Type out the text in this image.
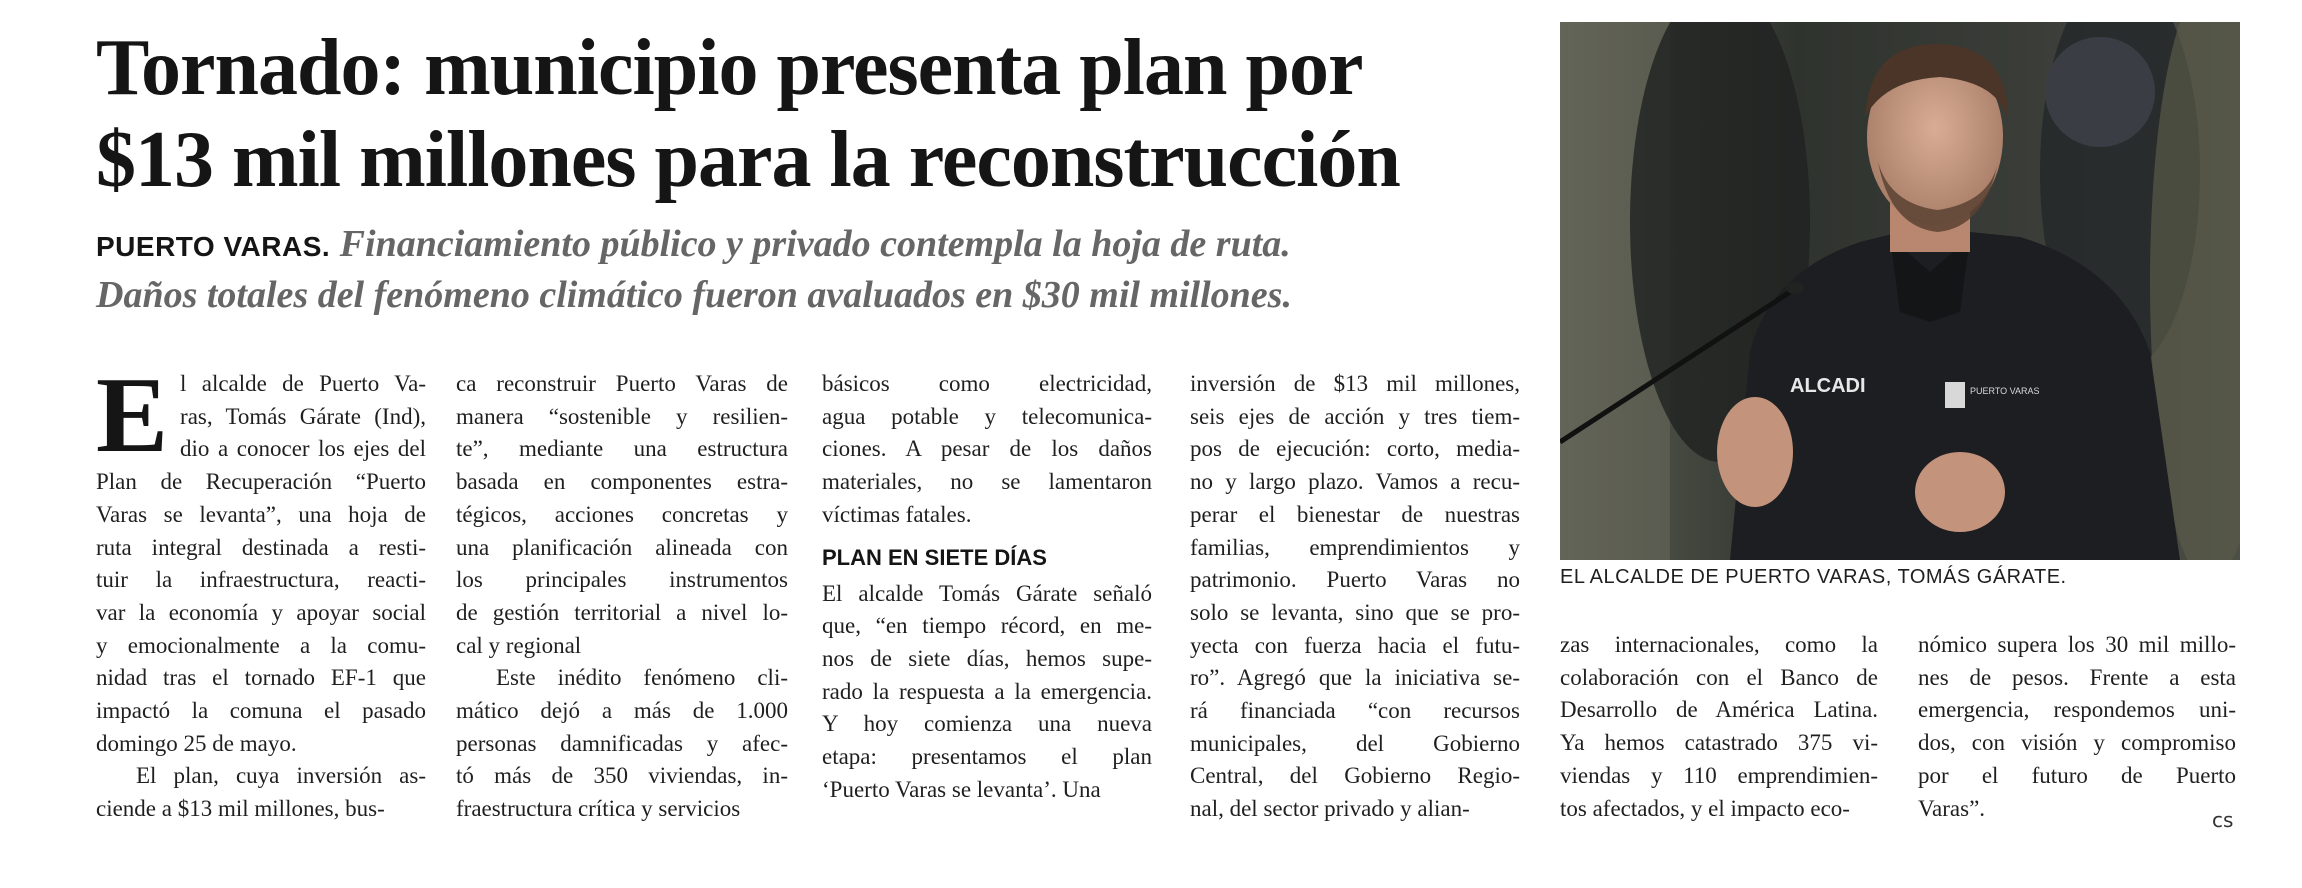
Tornado: municipio presenta plan por
$13 mil millones para la reconstrucción
PUERTO VARAS. Financiamiento público y privado contempla la hoja de ruta.
Daños totales del fenómeno climático fueron avaluados en $30 mil millones.
E l alcalde de Puerto Va-
ras, Tomás Gárate (Ind),
dio a conocer los ejes del
Plan de Recuperación “Puerto
Varas se levanta”, una hoja de
ruta integral destinada a resti-
tuir la infraestructura, reacti-
var la economía y apoyar social
y emocionalmente a la comu-
nidad tras el tornado EF-1 que
impactó la comuna el pasado
domingo 25 de mayo.
El plan, cuya inversión as-
ciende a $13 mil millones, bus-
ca reconstruir Puerto Varas de
manera “sostenible y resilien-
te”, mediante una estructura
basada en componentes estra-
tégicos, acciones concretas y
una planificación alineada con
los principales instrumentos
de gestión territorial a nivel lo-
cal y regional
Este inédito fenómeno cli-
mático dejó a más de 1.000
personas damnificadas y afec-
tó más de 350 viviendas, in-
fraestructura crítica y servicios
básicos como electricidad,
agua potable y telecomunica-
ciones. A pesar de los daños
materiales, no se lamentaron
víctimas fatales.
PLAN EN SIETE DÍAS
El alcalde Tomás Gárate señaló
que, “en tiempo récord, en me-
nos de siete días, hemos supe-
rado la respuesta a la emergencia.
Y hoy comienza una nueva
etapa: presentamos el plan
‘Puerto Varas se levanta’. Una
inversión de $13 mil millones,
seis ejes de acción y tres tiem-
pos de ejecución: corto, media-
no y largo plazo. Vamos a recu-
perar el bienestar de nuestras
familias, emprendimientos y
patrimonio. Puerto Varas no
solo se levanta, sino que se pro-
yecta con fuerza hacia el futu-
ro”. Agregó que la iniciativa se-
rá financiada “con recursos
municipales, del Gobierno
Central, del Gobierno Regio-
nal, del sector privado y alian-
zas internacionales, como la
colaboración con el Banco de
Desarrollo de América Latina.
Ya hemos catastrado 375 vi-
viendas y 110 emprendimien-
tos afectados, y el impacto eco-
nómico supera los 30 mil millo-
nes de pesos. Frente a esta
emergencia, respondemos uni-
dos, con visión y compromiso
por el futuro de Puerto
Varas”.	cs
ALCADI	PUERTO VARAS
EL ALCALDE DE PUERTO VARAS, TOMÁS GÁRATE.
